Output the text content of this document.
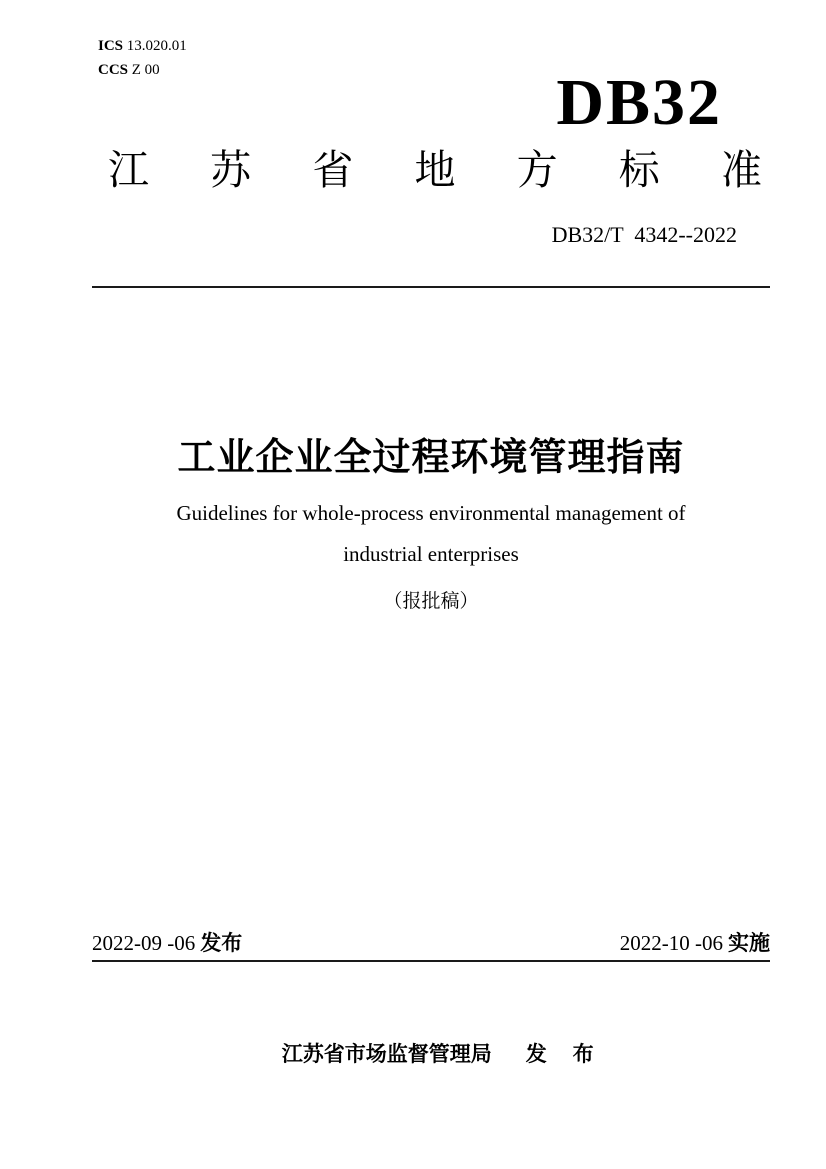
ICS 13.020.01
CCS Z 00	DB32
江 苏 省 地 方 标 准
DB32/T  4342--2022
工业企业全过程环境管理指南
Guidelines for whole-process environmental management of
industrial enterprises
（报批稿）
2022-09 -06 发布	2022-10 -06 实施

江苏省市场监督管理局 发 布
